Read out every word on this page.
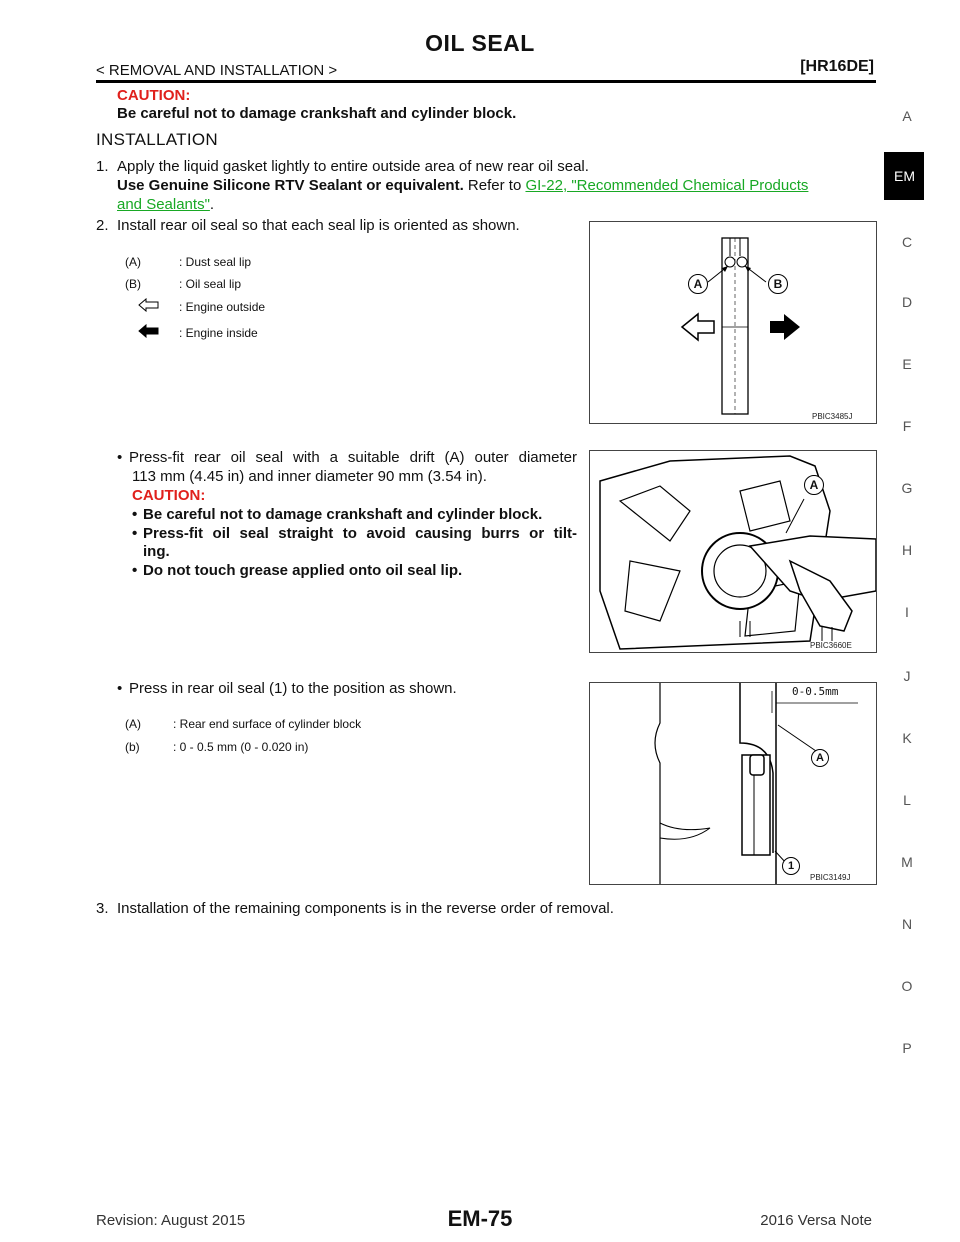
OIL SEAL
< REMOVAL AND INSTALLATION >	[HR16DE]
A
EM
C
D
E
F
G
H
I
J
K
L
M
N
O
P
CAUTION:
Be careful not to damage crankshaft and cylinder block.
INSTALLATION
1. Apply the liquid gasket lightly to entire outside area of new rear oil seal.
Use Genuine Silicone RTV Sealant or equivalent. Refer to GI-22, "Recommended Chemical Products
and Sealants".
2. Install rear oil seal so that each seal lip is oriented as shown.
(A)	: Dust seal lip
(B)	: Oil seal lip
: Engine outside
: Engine inside
A	B
PBIC3485J
• Press-fit rear oil seal with a suitable drift (A) outer diameter
113 mm (4.45 in) and inner diameter 90 mm (3.54 in).
CAUTION:
• Be careful not to damage crankshaft and cylinder block.
• Press-fit oil seal straight to avoid causing burrs or tilt-
ing.
• Do not touch grease applied onto oil seal lip.
A
PBIC3660E
• Press in rear oil seal (1) to the position as shown.
(A)	: Rear end surface of cylinder block
(b)	: 0 - 0.5 mm (0 - 0.020 in)
0-0.5mm
A
1
PBIC3149J
3. Installation of the remaining components is in the reverse order of removal.
Revision: August 2015	EM-75	2016 Versa Note
